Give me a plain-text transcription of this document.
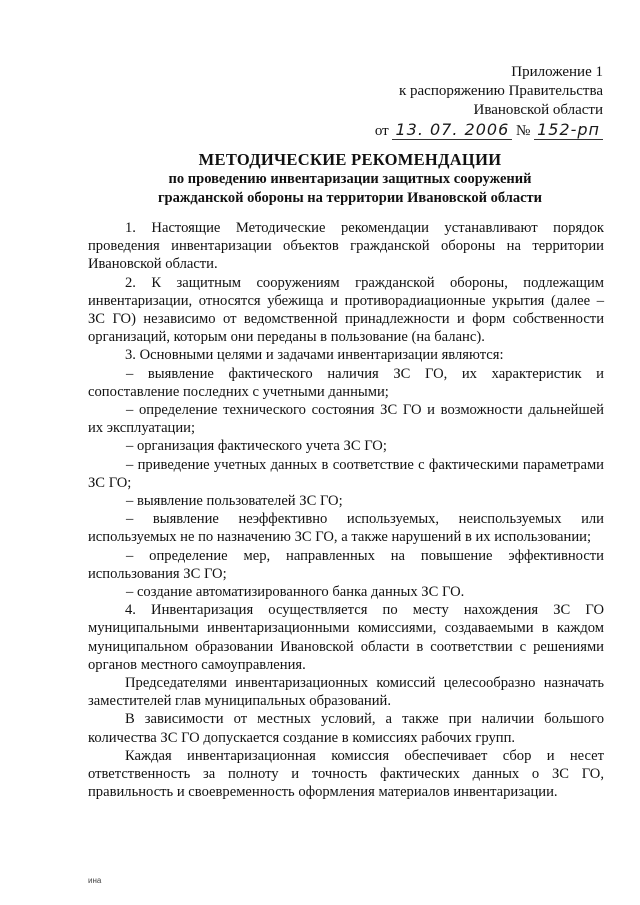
Приложение 1
к распоряжению Правительства
Ивановской области
от 13. 07. 2006 № 152-рп
МЕТОДИЧЕСКИЕ РЕКОМЕНДАЦИИ
по проведению инвентаризации защитных сооружений
гражданской обороны на территории Ивановской области

1. Настоящие Методические рекомендации устанавливают порядок проведения инвентаризации объектов гражданской обороны на территории Ивановской области.

2. К защитным сооружениям гражданской обороны, подлежащим инвентаризации, относятся убежища и противорадиационные укрытия (далее – ЗС ГО) независимо от ведомственной принадлежности и форм собственности организаций, которым они переданы в пользование (на баланс).

3. Основными целями и задачами инвентаризации являются:

– выявление фактического наличия ЗС ГО, их характеристик и сопоставление последних с учетными данными;

– определение технического состояния ЗС ГО и возможности дальнейшей их эксплуатации;

– организация фактического учета ЗС ГО;

– приведение учетных данных в соответствие с фактическими параметрами ЗС ГО;

– выявление пользователей ЗС ГО;

– выявление неэффективно используемых, неиспользуемых или используемых не по назначению ЗС ГО, а также нарушений в их использовании;

– определение мер, направленных на повышение эффективности использования ЗС ГО;

– создание автоматизированного банка данных ЗС ГО.

4. Инвентаризация осуществляется по месту нахождения ЗС ГО муниципальными инвентаризационными комиссиями, создаваемыми в каждом муниципальном образовании Ивановской области в соответствии с решениями органов местного самоуправления.

Председателями инвентаризационных комиссий целесообразно назначать заместителей глав муниципальных образований.

В зависимости от местных условий, а также при наличии большого количества ЗС ГО допускается создание в комиссиях рабочих групп.

Каждая инвентаризационная комиссия обеспечивает сбор и несет ответственность за полноту и точность фактических данных о ЗС ГО, правильность и своевременность оформления материалов инвентаризации.

ина
